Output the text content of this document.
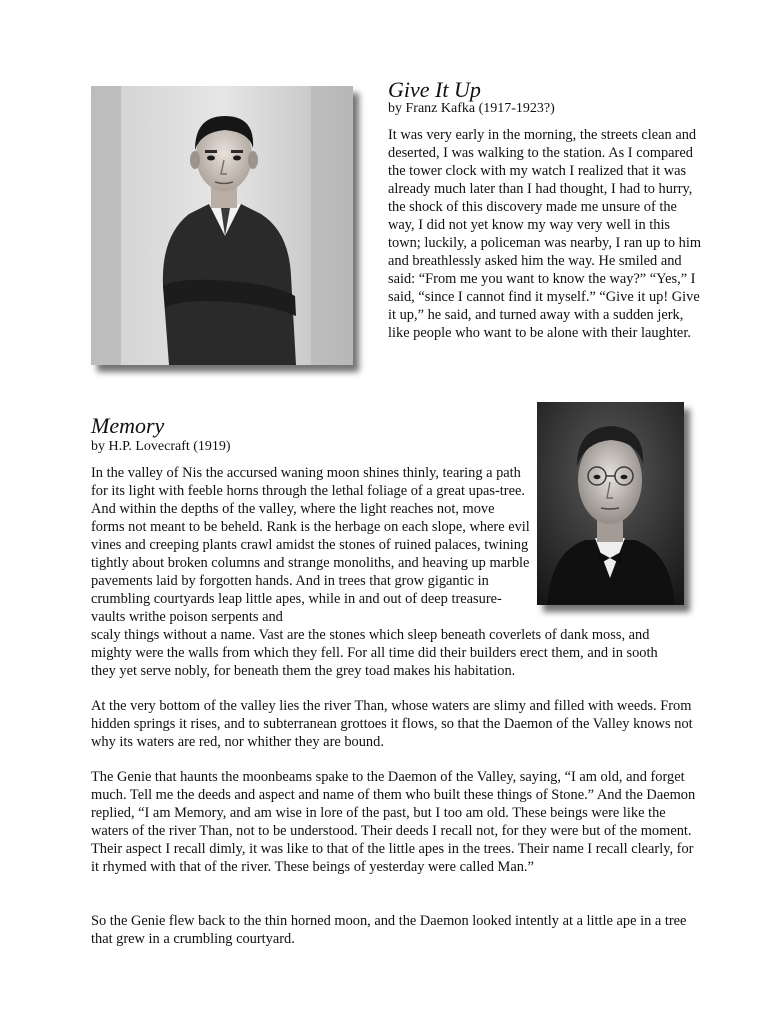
Give It Up

by Franz Kafka (1917-1923?)

It was very early in the morning, the streets clean and deserted, I was walking to the station. As I compared the tower clock with my watch I realized that it was already much later than I had thought, I had to hurry, the shock of this discovery made me unsure of the way, I did not yet know my way very well in this town; luckily, a policeman was nearby, I ran up to him and breathlessly asked him the way. He smiled and said: “From me you want to know the way?” “Yes,” I said, “since I cannot find it myself.” “Give it up! Give it up,” he said, and turned away with a sudden jerk, like people who want to be alone with their laughter.

Memory

by H.P. Lovecraft (1919)

In the valley of Nis the accursed waning moon shines thinly, tearing a path for its light with feeble horns through the lethal foliage of a great upas-tree. And within the depths of the valley, where the light reaches not, move forms not meant to be beheld. Rank is the herbage on each slope, where evil vines and creeping plants crawl amidst the stones of ruined palaces, twining tightly about broken columns and strange monoliths, and heaving up marble pavements laid by forgotten hands. And in trees that grow gigantic in crumbling courtyards leap little apes, while in and out of deep treasure-vaults writhe poison serpents and

scaly things without a name. Vast are the stones which sleep beneath coverlets of dank moss, and mighty were the walls from which they fell. For all time did their builders erect them, and in sooth they yet serve nobly, for beneath them the grey toad makes his habitation.

At the very bottom of the valley lies the river Than, whose waters are slimy and filled with weeds. From hidden springs it rises, and to subterranean grottoes it flows, so that the Daemon of the Valley knows not why its waters are red, nor whither they are bound.

The Genie that haunts the moonbeams spake to the Daemon of the Valley, saying, “I am old, and forget much. Tell me the deeds and aspect and name of them who built these things of Stone.” And the Daemon replied, “I am Memory, and am wise in lore of the past, but I too am old. These beings were like the waters of the river Than, not to be understood. Their deeds I recall not, for they were but of the moment. Their aspect I recall dimly, it was like to that of the little apes in the trees. Their name I recall clearly, for it rhymed with that of the river. These beings of yesterday were called Man.”

So the Genie flew back to the thin horned moon, and the Daemon looked intently at a little ape in a tree that grew in a crumbling courtyard.
